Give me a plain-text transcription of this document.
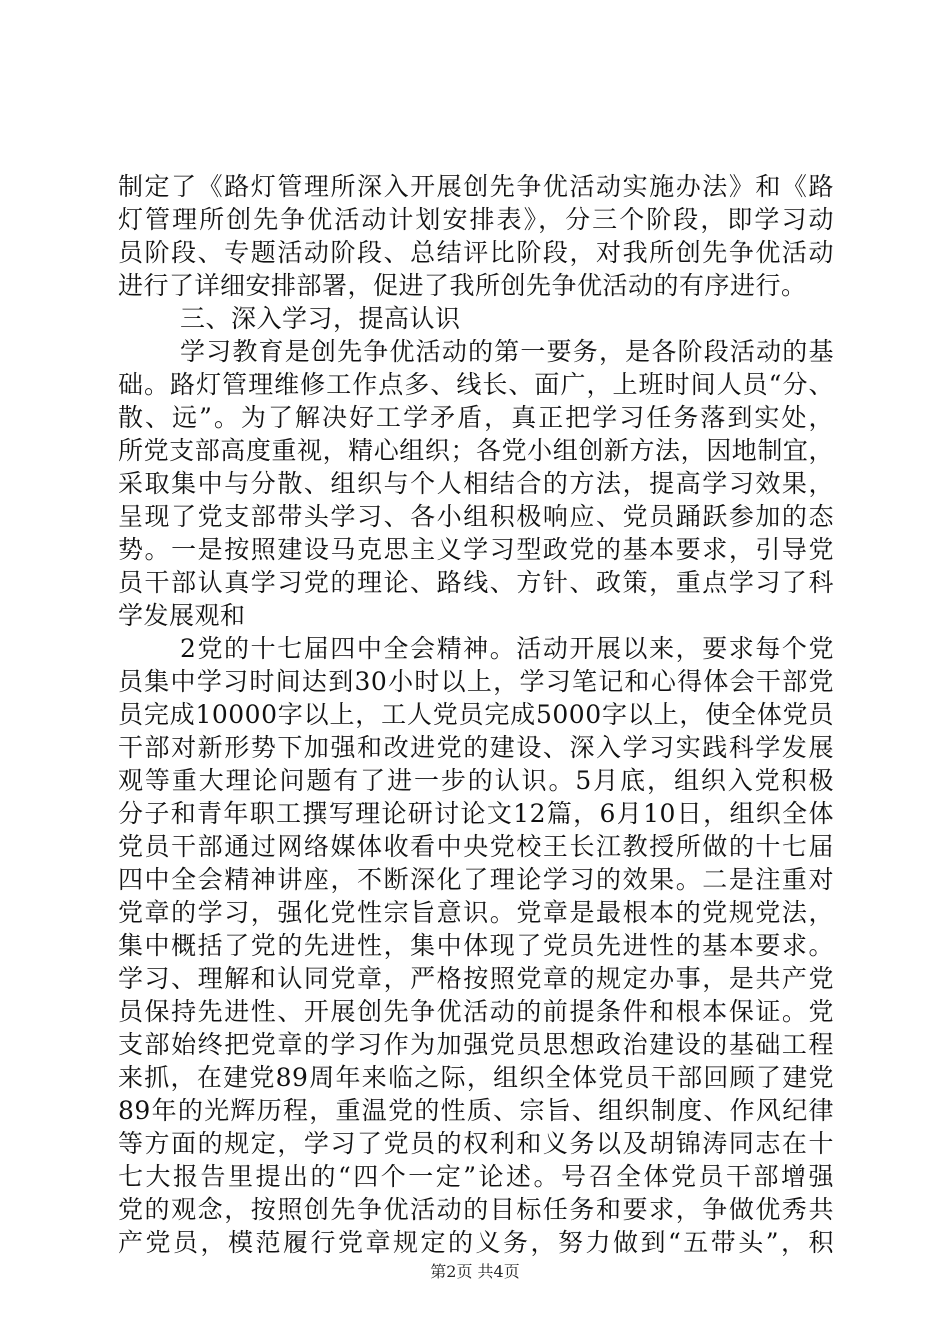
制定了《路灯管理所深入开展创先争优活动实施办法》和《路
灯管理所创先争优活动计划安排表》，分三个阶段，即学习动
员阶段、专题活动阶段、总结评比阶段，对我所创先争优活动
进行了详细安排部署，促进了我所创先争优活动的有序进行。
三、深入学习，提高认识
学习教育是创先争优活动的第一要务，是各阶段活动的基
础。路灯管理维修工作点多、线长、面广，上班时间人员“分、
散、远”。为了解决好工学矛盾，真正把学习任务落到实处，
所党支部高度重视，精心组织；各党小组创新方法，因地制宜，
采取集中与分散、组织与个人相结合的方法，提高学习效果，
呈现了党支部带头学习、各小组积极响应、党员踊跃参加的态
势。一是按照建设马克思主义学习型政党的基本要求，引导党
员干部认真学习党的理论、路线、方针、政策，重点学习了科
学发展观和
2党的十七届四中全会精神。活动开展以来，要求每个党
员集中学习时间达到30小时以上，学习笔记和心得体会干部党
员完成10000字以上，工人党员完成5000字以上，使全体党员
干部对新形势下加强和改进党的建设、深入学习实践科学发展
观等重大理论问题有了进一步的认识。5月底，组织入党积极
分子和青年职工撰写理论研讨论文12篇，6月10日，组织全体
党员干部通过网络媒体收看中央党校王长江教授所做的十七届
四中全会精神讲座，不断深化了理论学习的效果。二是注重对
党章的学习，强化党性宗旨意识。党章是最根本的党规党法，
集中概括了党的先进性，集中体现了党员先进性的基本要求。
学习、理解和认同党章，严格按照党章的规定办事，是共产党
员保持先进性、开展创先争优活动的前提条件和根本保证。党
支部始终把党章的学习作为加强党员思想政治建设的基础工程
来抓，在建党89周年来临之际，组织全体党员干部回顾了建党
89年的光辉历程，重温党的性质、宗旨、组织制度、作风纪律
等方面的规定，学习了党员的权利和义务以及胡锦涛同志在十
七大报告里提出的“四个一定”论述。号召全体党员干部增强
党的观念，按照创先争优活动的目标任务和要求，争做优秀共
产党员，模范履行党章规定的义务，努力做到“五带头”，积
第2页 共4页
